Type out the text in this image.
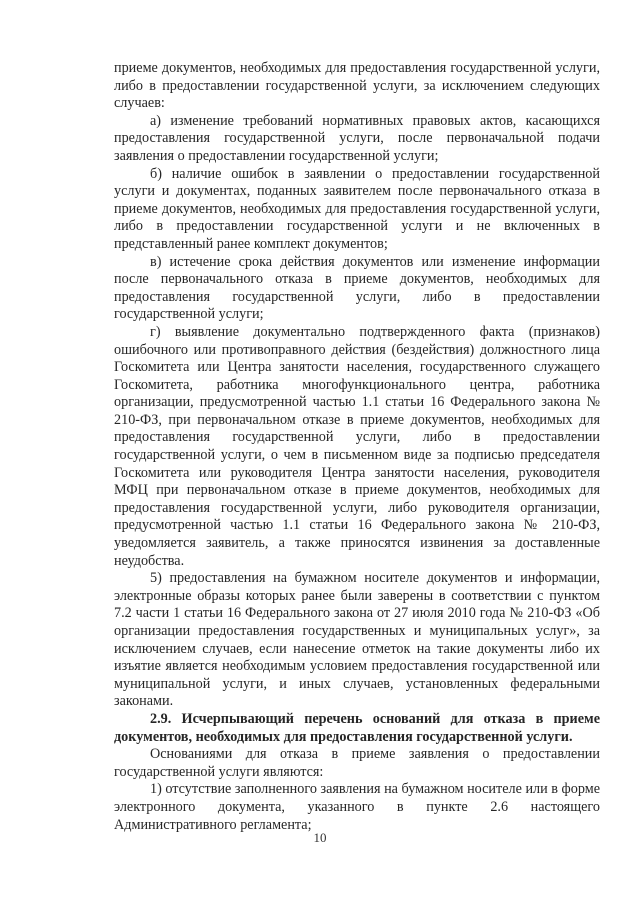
приеме документов, необходимых для предоставления государственной услуги, либо в предоставлении государственной услуги, за исключением следующих случаев:

а) изменение требований нормативных правовых актов, касающихся предоставления государственной услуги, после первоначальной подачи заявления о предоставлении государственной услуги;

б) наличие ошибок в заявлении о предоставлении государственной услуги и документах, поданных заявителем после первоначального отказа в приеме документов, необходимых для предоставления государственной услуги, либо в предоставлении государственной услуги и не включенных в представленный ранее комплект документов;

в) истечение срока действия документов или изменение информации после первоначального отказа в приеме документов, необходимых для предоставления государственной услуги, либо в предоставлении государственной услуги;

г) выявление документально подтвержденного факта (признаков) ошибочного или противоправного действия (бездействия) должностного лица Госкомитета или Центра занятости населения, государственного служащего Госкомитета, работника многофункционального центра, работника организации, предусмотренной частью 1.1 статьи 16 Федерального закона № 210-ФЗ, при первоначальном отказе в приеме документов, необходимых для предоставления государственной услуги, либо в предоставлении государственной услуги, о чем в письменном виде за подписью председателя Госкомитета или руководителя Центра занятости населения, руководителя МФЦ при первоначальном отказе в приеме документов, необходимых для предоставления государственной услуги, либо руководителя организации, предусмотренной частью 1.1 статьи 16 Федерального закона № 210-ФЗ, уведомляется заявитель, а также приносятся извинения за доставленные неудобства.

5) предоставления на бумажном носителе документов и информации, электронные образы которых ранее были заверены в соответствии с пунктом 7.2 части 1 статьи 16 Федерального закона от 27 июля 2010 года № 210-ФЗ «Об организации предоставления государственных и муниципальных услуг», за исключением случаев, если нанесение отметок на такие документы либо их изъятие является необходимым условием предоставления государственной или муниципальной услуги, и иных случаев, установленных федеральными законами.

2.9. Исчерпывающий перечень оснований для отказа в приеме документов, необходимых для предоставления государственной услуги.

Основаниями для отказа в приеме заявления о предоставлении государственной услуги являются:

1) отсутствие заполненного заявления на бумажном носителе или в форме электронного документа, указанного в пункте 2.6 настоящего Административного регламента;

10
